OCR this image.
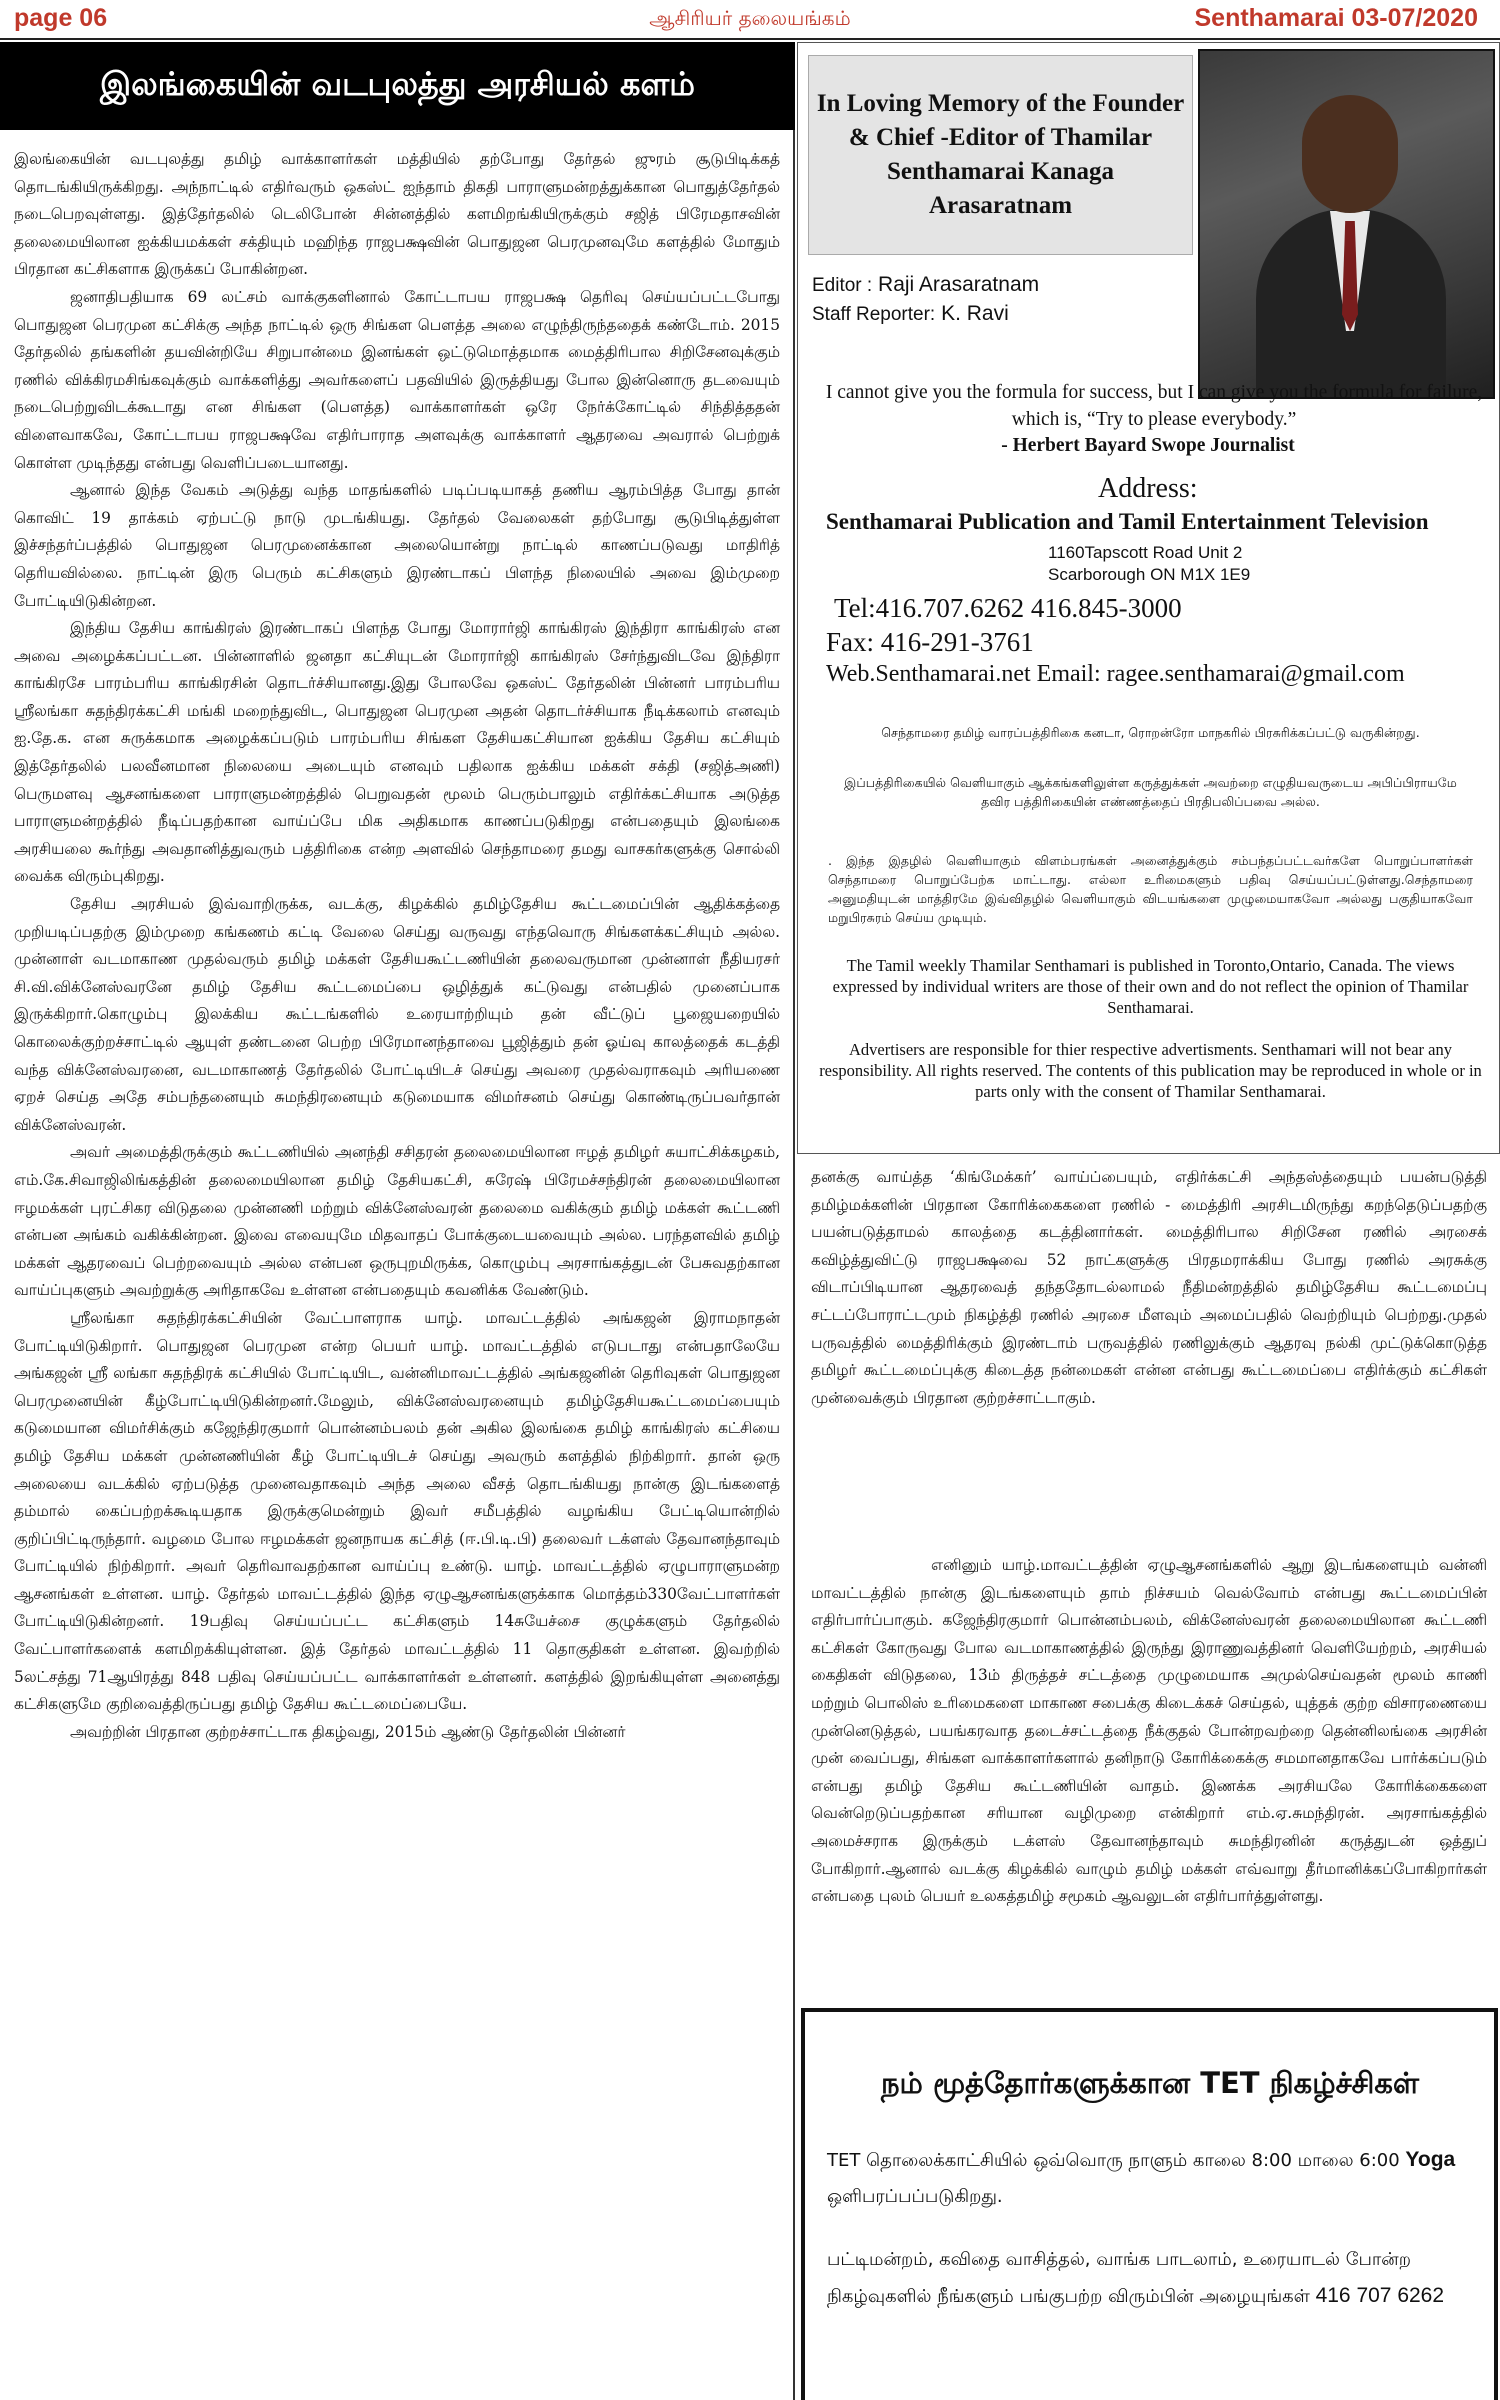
page 06	ஆசிரியர் தலையங்கம்	Senthamarai 03-07/2020
இலங்கையின் வடபுலத்து அரசியல் களம்

இலங்கையின் வடபுலத்து தமிழ் வாக்காளர்கள் மத்தியில் தற்போது தேர்தல் ஜுரம் சூடுபிடிக்கத் தொடங்கியிருக்கிறது. அந்நாட்டில் எதிர்வரும் ஒகஸ்ட் ஐந்தாம் திகதி பாராளுமன்றத்துக்கான பொதுத்தேர்தல் நடைபெறவுள்ளது. இத்தேர்தலில் டெலிபோன் சின்னத்தில் களமிறங்கியிருக்கும் சஜித் பிரேமதாசவின் தலைமையிலான ஐக்கியமக்கள் சக்தியும் மஹிந்த ராஜபக்ஷவின் பொதுஜன பெரமுனவுமே களத்தில் மோதும் பிரதான கட்சிகளாக இருக்கப் போகின்றன.

ஜனாதிபதியாக 69 லட்சம் வாக்குகளினால் கோட்டாபய ராஜபக்ஷ தெரிவு செய்யப்பட்டபோது பொதுஜன பெரமுன கட்சிக்கு அந்த நாட்டில் ஒரு சிங்கள பௌத்த அலை எழுந்திருந்ததைக் கண்டோம். 2015 தேர்தலில் தங்களின் தயவின்றியே சிறுபான்மை இனங்கள் ஒட்டுமொத்தமாக மைத்திரிபால சிறிசேனவுக்கும் ரணில் விக்கிரமசிங்கவுக்கும் வாக்களித்து அவர்களைப் பதவியில் இருத்தியது போல இன்னொரு தடவையும் நடைபெற்றுவிடக்கூடாது என சிங்கள (பௌத்த) வாக்காளர்கள் ஒரே நேர்க்கோட்டில் சிந்தித்ததன் விளைவாகவே, கோட்டாபய ராஜபக்ஷவே எதிர்பாராத அளவுக்கு வாக்காளர் ஆதரவை அவரால் பெற்றுக் கொள்ள முடிந்தது என்பது வெளிப்படையானது.

ஆனால் இந்த வேகம் அடுத்து வந்த மாதங்களில் படிப்படியாகத் தணிய ஆரம்பித்த போது தான் கொவிட் 19 தாக்கம் ஏற்பட்டு நாடு முடங்கியது. தேர்தல் வேலைகள் தற்போது சூடுபிடித்துள்ள இச்சந்தர்ப்பத்தில் பொதுஜன பெரமுனைக்கான அலையொன்று நாட்டில் காணப்படுவது மாதிரித் தெரியவில்லை. நாட்டின் இரு பெரும் கட்சிகளும் இரண்டாகப் பிளந்த நிலையில் அவை இம்முறை போட்டியிடுகின்றன.

இந்திய தேசிய காங்கிரஸ் இரண்டாகப் பிளந்த போது மோரார்ஜி காங்கிரஸ் இந்திரா காங்கிரஸ் என அவை அழைக்கப்பட்டன. பின்னாளில் ஜனதா கட்சியுடன் மோரார்ஜி காங்கிரஸ் சேர்ந்துவிடவே இந்திரா காங்கிரசே பாரம்பரிய காங்கிரசின் தொடர்ச்சியானது.இது போலவே ஒகஸ்ட் தேர்தலின் பின்னர் பாரம்பரிய ஸ்ரீலங்கா சுதந்திரக்கட்சி மங்கி மறைந்துவிட, பொதுஜன பெரமுன அதன் தொடர்ச்சியாக நீடிக்கலாம் எனவும் ஐ.தே.க. என சுருக்கமாக அழைக்கப்படும் பாரம்பரிய சிங்கள தேசியகட்சியான ஐக்கிய தேசிய கட்சியும் இத்தேர்தலில் பலவீனமான நிலையை அடையும் எனவும் பதிலாக ஐக்கிய மக்கள் சக்தி (சஜித்அணி) பெருமளவு ஆசனங்களை பாராளுமன்றத்தில் பெறுவதன் மூலம் பெரும்பாலும் எதிர்க்கட்சியாக அடுத்த பாராளுமன்றத்தில் நீடிப்பதற்கான வாய்ப்பே மிக அதிகமாக காணப்படுகிறது என்பதையும் இலங்கை அரசியலை கூர்ந்து அவதானித்துவரும் பத்திரிகை என்ற அளவில் செந்தாமரை தமது வாசகர்களுக்கு சொல்லி வைக்க விரும்புகிறது.

தேசிய அரசியல் இவ்வாறிருக்க, வடக்கு, கிழக்கில் தமிழ்தேசிய கூட்டமைப்பின் ஆதிக்கத்தை முறியடிப்பதற்கு இம்முறை கங்கணம் கட்டி வேலை செய்து வருவது எந்தவொரு சிங்களக்கட்சியும் அல்ல. முன்னாள் வடமாகாண முதல்வரும் தமிழ் மக்கள் தேசியகூட்டணியின் தலைவருமான முன்னாள் நீதியரசர் சி.வி.விக்னேஸ்வரனே தமிழ் தேசிய கூட்டமைப்பை ஒழித்துக் கட்டுவது என்பதில் முனைப்பாக இருக்கிறார்.கொழும்பு இலக்கிய கூட்டங்களில் உரையாற்றியும் தன் வீட்டுப் பூஜையறையில் கொலைக்குற்றச்சாட்டில் ஆயுள் தண்டனை பெற்ற பிரேமானந்தாவை பூஜித்தும் தன் ஓய்வு காலத்தைக் கடத்தி வந்த விக்னேஸ்வரனை, வடமாகாணத் தேர்தலில் போட்டியிடச் செய்து அவரை முதல்வராகவும் அரியணை ஏறச் செய்த அதே சம்பந்தனையும் சுமந்திரனையும் கடுமையாக விமர்சனம் செய்து கொண்டிருப்பவர்தான் விக்னேஸ்வரன்.

அவர் அமைத்திருக்கும் கூட்டணியில் அனந்தி சசிதரன் தலைமையிலான ஈழத் தமிழர் சுயாட்சிக்கழகம், எம்.கே.சிவாஜிலிங்கத்தின் தலைமையிலான தமிழ் தேசியகட்சி, சுரேஷ் பிரேமச்சந்திரன் தலைமையிலான ஈழமக்கள் புரட்சிகர விடுதலை முன்னணி மற்றும் விக்னேஸ்வரன் தலைமை வகிக்கும் தமிழ் மக்கள் கூட்டணி என்பன அங்கம் வகிக்கின்றன. இவை எவையுமே மிதவாதப் போக்குடையவையும் அல்ல. பரந்தளவில் தமிழ் மக்கள் ஆதரவைப் பெற்றவையும் அல்ல என்பன ஒருபுறமிருக்க, கொழும்பு அரசாங்கத்துடன் பேசுவதற்கான வாய்ப்புகளும் அவற்றுக்கு அரிதாகவே உள்ளன என்பதையும் கவனிக்க வேண்டும்.

ஸ்ரீலங்கா சுதந்திரக்கட்சியின் வேட்பாளராக யாழ். மாவட்டத்தில் அங்கஜன் இராமநாதன் போட்டியிடுகிறார். பொதுஜன பெரமுன என்ற பெயர் யாழ். மாவட்டத்தில் எடுபடாது என்பதாலேயே அங்கஜன் ஸ்ரீ லங்கா சுதந்திரக் கட்சியில் போட்டியிட, வன்னிமாவட்டத்தில் அங்கஜனின் தெரிவுகள் பொதுஜன பெரமுனையின் கீழ்போட்டியிடுகின்றனர்.மேலும், விக்னேஸ்வரனையும் தமிழ்தேசியகூட்டமைப்பையும் கடுமையான விமர்சிக்கும் கஜேந்திரகுமார் பொன்னம்பலம் தன் அகில இலங்கை தமிழ் காங்கிரஸ் கட்சியை தமிழ் தேசிய மக்கள் முன்னணியின் கீழ் போட்டியிடச் செய்து அவரும் களத்தில் நிற்கிறார். தான் ஒரு அலையை வடக்கில் ஏற்படுத்த முனைவதாகவும் அந்த அலை வீசத் தொடங்கியது நான்கு இடங்களைத் தம்மால் கைப்பற்றக்கூடியதாக இருக்குமென்றும் இவர் சமீபத்தில் வழங்கிய பேட்டியொன்றில் குறிப்பிட்டிருந்தார். வழமை போல ஈழமக்கள் ஜனநாயக கட்சித் (ஈ.பி.டி.பி) தலைவர் டக்ளஸ் தேவானந்தாவும் போட்டியில் நிற்கிறார். அவர் தெரிவாவதற்கான வாய்ப்பு உண்டு. யாழ். மாவட்டத்தில் ஏழுபாராளுமன்ற ஆசனங்கள் உள்ளன. யாழ். தேர்தல் மாவட்டத்தில் இந்த ஏழுஆசனங்களுக்காக மொத்தம்330வேட்பாளர்கள் போட்டியிடுகின்றனர். 19பதிவு செய்யப்பட்ட கட்சிகளும் 14சுயேச்சை குழுக்களும் தேர்தலில் வேட்பாளர்களைக் களமிறக்கியுள்ளன. இத் தேர்தல் மாவட்டத்தில் 11 தொகுதிகள் உள்ளன. இவற்றில் 5லட்சத்து 71ஆயிரத்து 848 பதிவு செய்யப்பட்ட வாக்காளர்கள் உள்ளனர். களத்தில் இறங்கியுள்ள அனைத்து கட்சிகளுமே குறிவைத்திருப்பது தமிழ் தேசிய கூட்டமைப்பையே.

அவற்றின் பிரதான குற்றச்சாட்டாக திகழ்வது, 2015ம் ஆண்டு தேர்தலின் பின்னர்

In Loving Memory of the Founder & Chief -Editor of Thamilar Senthamarai Kanaga Arasaratnam
Editor : Raji Arasaratnam
Staff Reporter: K. Ravi
I cannot give you the formula for success, but I can give you the formula for failure, which is, “Try to please everybody.”
- Herbert Bayard Swope Journalist
Address:
Senthamarai Publication and Tamil Entertainment Television
1160Tapscott Road Unit 2
Scarborough ON M1X 1E9
Tel:416.707.6262 416.845-3000
Fax: 416-291-3761
Web.Senthamarai.net Email: ragee.senthamarai@gmail.com
செந்தாமரை தமிழ் வாரப்பத்திரிகை கனடா, ரொறன்ரோ மாநகரில் பிரசுரிக்கப்பட்டு வருகின்றது.
இப்பத்திரிகையில் வெளியாகும் ஆக்கங்களிலுள்ள கருத்துக்கள் அவற்றை எழுதியவருடைய அபிப்பிராயமே தவிர பத்திரிகையின் எண்ணத்தைப் பிரதிபலிப்பவை அல்ல.
. இந்த இதழில் வெளியாகும் விளம்பரங்கள் அனைத்துக்கும் சம்பந்தப்பட்டவர்களே பொறுப்பாளர்கள் செந்தாமரை பொறுப்பேற்க மாட்டாது. எல்லா உரிமைகளும் பதிவு செய்யப்பட்டுள்ளது.செந்தாமரை அனுமதியுடன் மாத்திரமே இவ்விதழில் வெளியாகும் விடயங்களை முழுமையாகவோ அல்லது பகுதியாகவோ மறுபிரசுரம் செய்ய முடியும்.
The Tamil weekly Thamilar Senthamari is published in Toronto,Ontario, Canada. The views expressed by individual writers are those of their own and do not reflect the opinion of Thamilar Senthamarai.
Advertisers are responsible for thier respective advertisments. Senthamari will not bear any responsibility. All rights reserved. The contents of this publication may be reproduced in whole or in parts only with the consent of Thamilar Senthamarai.

தனக்கு வாய்த்த ‘கிங்மேக்கர்’ வாய்ப்பையும், எதிர்க்கட்சி அந்தஸ்த்தையும் பயன்படுத்தி தமிழ்மக்களின் பிரதான கோரிக்கைகளை ரணில் - மைத்திரி அரசிடமிருந்து கறந்தெடுப்பதற்கு பயன்படுத்தாமல் காலத்தை கடத்தினார்கள். மைத்திரிபால சிறிசேன ரணில் அரசைக் கவிழ்த்துவிட்டு ராஜபக்ஷவை 52 நாட்களுக்கு பிரதமராக்கிய போது ரணில் அரசுக்கு விடாப்பிடியான ஆதரவைத் தந்ததோடல்லாமல் நீதிமன்றத்தில் தமிழ்தேசிய கூட்டமைப்பு சட்டப்போராட்டமும் நிகழ்த்தி ரணில் அரசை மீளவும் அமைப்பதில் வெற்றியும் பெற்றது.முதல் பருவத்தில் மைத்திரிக்கும் இரண்டாம் பருவத்தில் ரணிலுக்கும் ஆதரவு நல்கி முட்டுக்கொடுத்த தமிழர் கூட்டமைப்புக்கு கிடைத்த நன்மைகள் என்ன என்பது கூட்டமைப்பை எதிர்க்கும் கட்சிகள் முன்வைக்கும் பிரதான குற்றச்சாட்டாகும்.

எனினும் யாழ்.மாவட்டத்தின் ஏழுஆசனங்களில் ஆறு இடங்களையும் வன்னி மாவட்டத்தில் நான்கு இடங்களையும் தாம் நிச்சயம் வெல்வோம் என்பது கூட்டமைப்பின் எதிர்பார்ப்பாகும். கஜேந்திரகுமார் பொன்னம்பலம், விக்னேஸ்வரன் தலைமையிலான கூட்டணி கட்சிகள் கோருவது போல வடமாகாணத்தில் இருந்து இராணுவத்தினர் வெளியேற்றம், அரசியல் கைதிகள் விடுதலை, 13ம் திருத்தச் சட்டத்தை முழுமையாக அமுல்செய்வதன் மூலம் காணி மற்றும் பொலிஸ் உரிமைகளை மாகாண சபைக்கு கிடைக்கச் செய்தல், யுத்தக் குற்ற விசாரணையை முன்னெடுத்தல், பயங்கரவாத தடைச்சட்டத்தை நீக்குதல் போன்றவற்றை தென்னிலங்கை அரசின் முன் வைப்பது, சிங்கள வாக்காளர்களால் தனிநாடு கோரிக்கைக்கு சமமானதாகவே பார்க்கப்படும் என்பது தமிழ் தேசிய கூட்டணியின் வாதம். இணக்க அரசியலே கோரிக்கைகளை வென்றெடுப்பதற்கான சரியான வழிமுறை என்கிறார் எம்.ஏ.சுமந்திரன். அரசாங்கத்தில் அமைச்சராக இருக்கும் டக்ளஸ் தேவானந்தாவும் சுமந்திரனின் கருத்துடன் ஒத்துப் போகிறார்.ஆனால் வடக்கு கிழக்கில் வாழும் தமிழ் மக்கள் எவ்வாறு தீர்மானிக்கப்போகிறார்கள் என்பதை புலம் பெயர் உலகத்தமிழ் சமூகம் ஆவலுடன் எதிர்பார்த்துள்ளது.

நம் மூத்தோர்களுக்கான TET நிகழ்ச்சிகள்
TET தொலைக்காட்சியில் ஒவ்வொரு நாளும் காலை 8:00 மாலை 6:00 Yoga ஒளிபரப்பப்படுகிறது.
பட்டிமன்றம், கவிதை வாசித்தல், வாங்க பாடலாம், உரையாடல் போன்ற நிகழ்வுகளில் நீங்களும் பங்குபற்ற விரும்பின் அழையுங்கள் 416 707 6262
